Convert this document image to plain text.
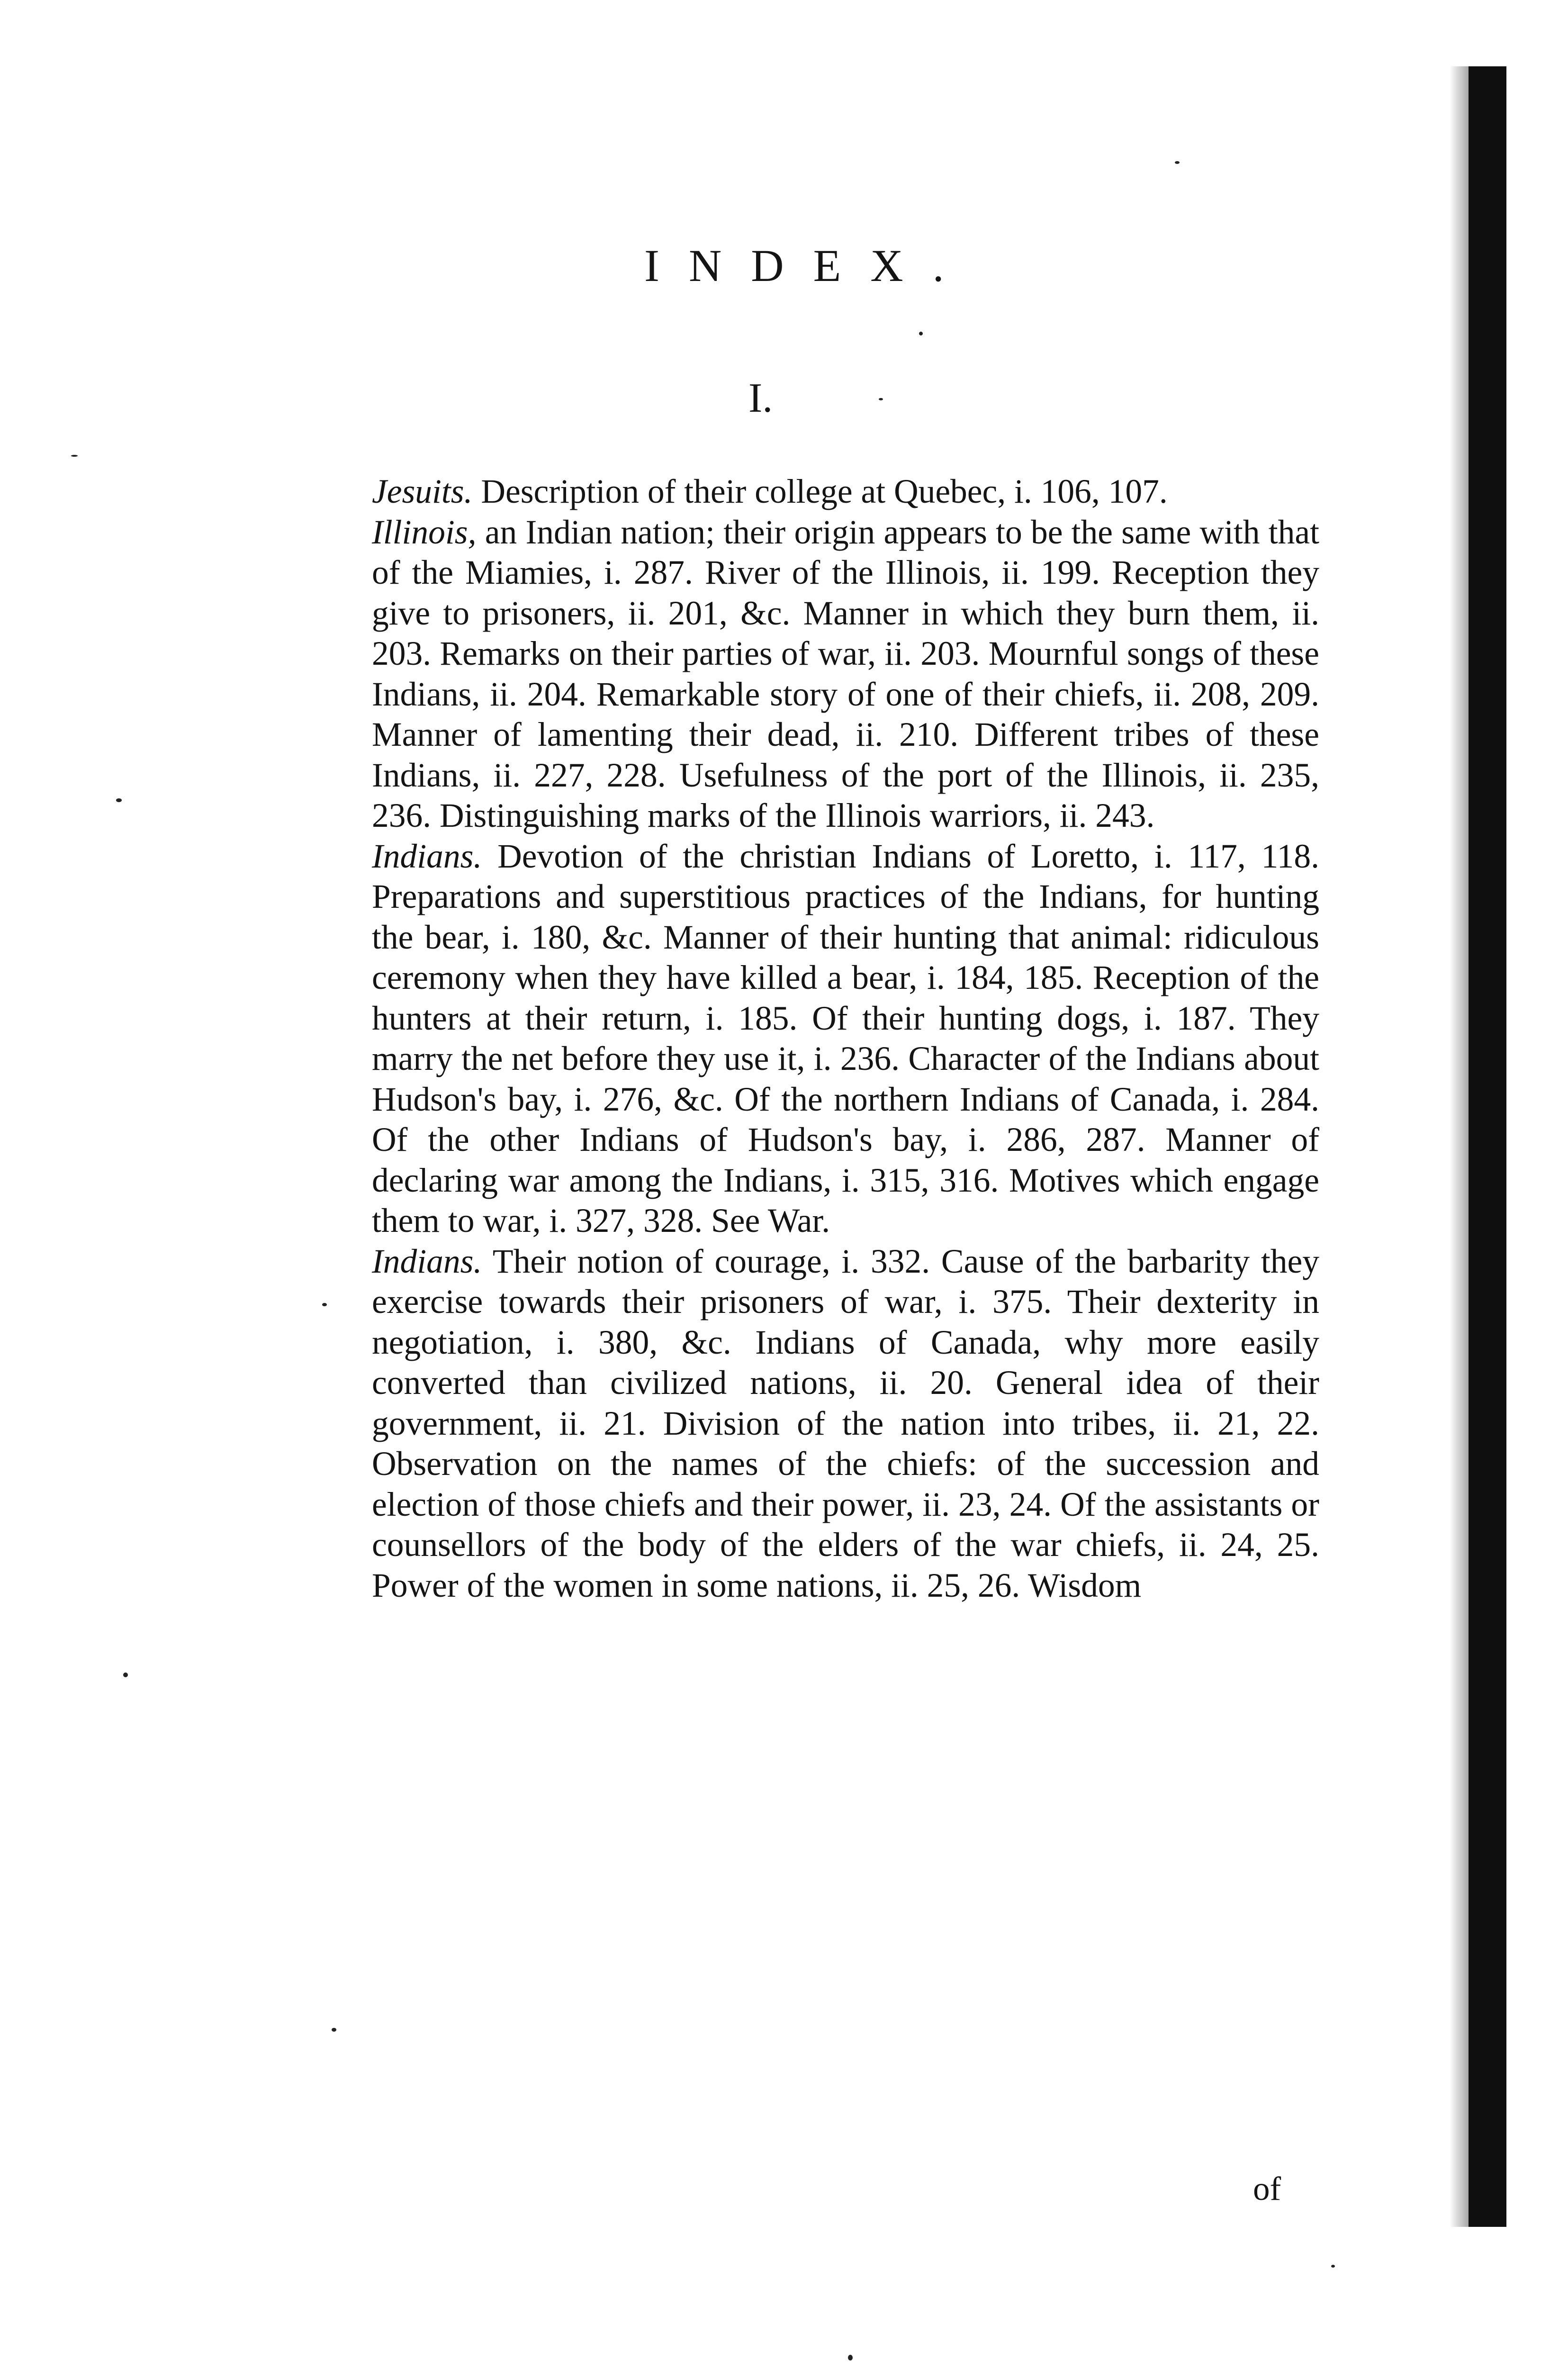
INDEX.
I.

Jesuits. Description of their college at Quebec, i. 106, 107.

Illinois, an Indian nation; their origin appears to be the same with that of the Miamies, i. 287. River of the Illinois, ii. 199. Reception they give to prisoners, ii. 201, &c. Manner in which they burn them, ii. 203. Remarks on their parties of war, ii. 203. Mournful songs of these Indians, ii. 204. Remarkable story of one of their chiefs, ii. 208, 209. Manner of lamenting their dead, ii. 210. Different tribes of these Indians, ii. 227, 228. Usefulness of the port of the Illinois, ii. 235, 236. Distinguishing marks of the Illinois warriors, ii. 243.

Indians. Devotion of the christian Indians of Loretto, i. 117, 118. Preparations and superstitious practices of the Indians, for hunting the bear, i. 180, &c. Manner of their hunting that animal: ridiculous ceremony when they have killed a bear, i. 184, 185. Reception of the hunters at their return, i. 185. Of their hunting dogs, i. 187. They marry the net before they use it, i. 236. Character of the Indians about Hudson's bay, i. 276, &c. Of the northern Indians of Canada, i. 284. Of the other Indians of Hudson's bay, i. 286, 287. Manner of declaring war among the Indians, i. 315, 316. Motives which engage them to war, i. 327, 328. See War.

Indians. Their notion of courage, i. 332. Cause of the barbarity they exercise towards their prisoners of war, i. 375. Their dexterity in negotiation, i. 380, &c. Indians of Canada, why more easily converted than civilized nations, ii. 20. General idea of their government, ii. 21. Division of the nation into tribes, ii. 21, 22. Observation on the names of the chiefs: of the succession and election of those chiefs and their power, ii. 23, 24. Of the assistants or counsellors of the body of the elders of the war chiefs, ii. 24, 25. Power of the women in some nations, ii. 25, 26. Wisdom

of
